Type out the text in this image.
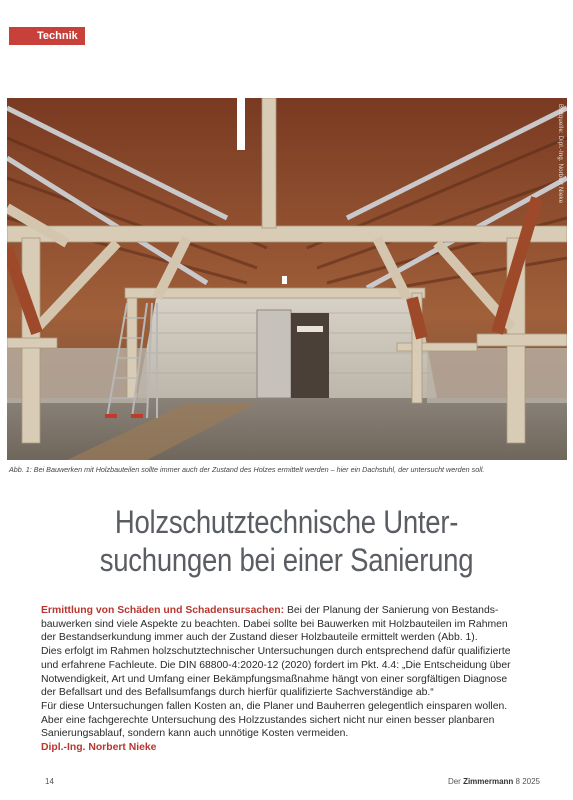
Technik
Bildquelle: Dipl.-Ing. Norbert Nieke
Abb. 1: Bei Bauwerken mit Holzbauteilen sollte immer auch der Zustand des Holzes ermittelt werden – hier ein Dachstuhl, der untersucht werden soll.
Holzschutztechnische Unter-
suchungen bei einer Sanierung

Ermittlung von Schäden und Schadensursachen: Bei der Planung der Sanierung von Bestands-

bauwerken sind viele Aspekte zu beachten. Dabei sollte bei Bauwerken mit Holzbauteilen im Rahmen

der Bestandserkundung immer auch der Zustand dieser Holzbauteile ermittelt werden (Abb. 1).

Dies erfolgt im Rahmen holzschutztechnischer Untersuchungen durch entsprechend dafür qualifizierte

und erfahrene Fachleute. Die DIN 68800-4:2020-12 (2020) fordert im Pkt. 4.4: „Die Entscheidung über

Notwendigkeit, Art und Umfang einer Bekämpfungsmaßnahme hängt von einer sorgfältigen Diagnose

der Befallsart und des Befallsumfangs durch hierfür qualifizierte Sachverständige ab.“

Für diese Untersuchungen fallen Kosten an, die Planer und Bauherren gelegentlich einsparen wollen.

Aber eine fachgerechte Untersuchung des Holzzustandes sichert nicht nur einen besser planbaren

Sanierungsablauf, sondern kann auch unnötige Kosten vermeiden.

Dipl.-Ing. Norbert Nieke

14	Der Zimmermann 8 2025
